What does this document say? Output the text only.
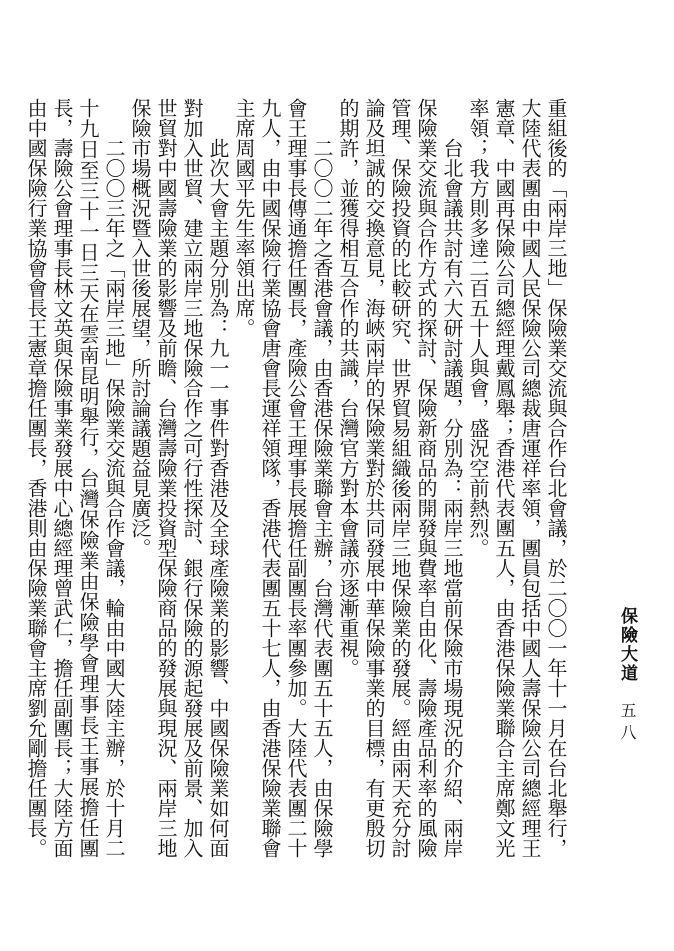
重組後的「兩岸三地」保險業交流與合作台北會議，於二〇〇一年十一月在台北舉行，大陸代表團由中國人民保險公司總裁唐運祥率領，團員包括中國人壽保險公司總經理王憲章、中國再保險公司總經理戴鳳舉；香港代表團五人，由香港保險業聯合主席鄭文光率領；我方則多達二百五十人與會，盛況空前熱烈。

台北會議共討有六大研討議題，分別為：兩岸三地當前保險市場現況的介紹、兩岸保險業交流與合作方式的探討、保險新商品的開發與費率自由化、壽險產品利率的風險管理、保險投資的比較研究、世界貿易組織後兩岸三地保險業的發展。經由兩天充分討論及坦誠的交換意見，海峽兩岸的保險業對於共同發展中華保險事業的目標，有更殷切的期許，並獲得相互合作的共識，台灣官方對本會議亦逐漸重視。

二〇〇二年之香港會議，由香港保險業聯會主辦，台灣代表團五十五人，由保險學會王理事長傳通擔任團長，產險公會王理事長展擔任副團長率團參加。大陸代表團二十九人，由中國保險行業協會唐會長運祥領隊，香港代表團五十七人，由香港保險業聯會主席周國平先生率領出席。

此次大會主題分別為：九一一事件對香港及全球產險業的影響、中國保險業如何面對加入世貿、建立兩岸三地保險合作之可行性探討、銀行保險的源起發展及前景、加入世貿對中國壽險業的影響及前瞻、台灣壽險業投資型保險商品的發展與現況、兩岸三地保險市場概況暨入世後展望，所討論議題益見廣泛。

二〇〇三年之「兩岸三地」保險業交流與合作會議，輪由中國大陸主辦，於十月二十九日至三十一日三天在雲南昆明舉行，台灣保險業由保險學會理事長王事展擔任團長，壽險公會理事長林文英與保險事業發展中心總經理曾武仁，擔任副團長；大陸方面由中國保險行業協會會長王憲章擔任團長，香港則由保險業聯會主席劉允剛擔任團長。	保險大道 五八
